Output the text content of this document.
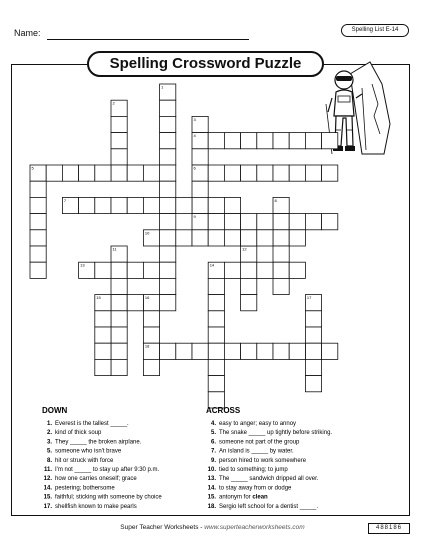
Name:	Spelling List E-14
Spelling Crossword Puzzle
1
2
3
4
5	6
7	8
9
10
11	12
13	14
15	16	17
18
DOWN	ACROSS
1. Everest is the tallest _____.
2. kind of thick soup
3. They _____ the broken airplane.
5. someone who isn't brave
8. hit or struck with force
11. I'm not _____ to stay up after 9:30 p.m.
12. how one carries oneself; grace
14. pestering; bothersome
15. faithful; sticking with someone by choice
17. shellfish known to make pearls
4. easy to anger; easy to annoy
5. The snake _____ up tightly before striking.
6. someone not part of the group
7. An island is _____ by water.
9. person hired to work somewhere
10. tied to something; to jump
13. The _____ sandwich dripped all over.
14. to stay away from or dodge
15. antonym for clean
18. Sergio left school for a dentist _____.
Super Teacher Worksheets - www.superteacherworksheets.com	488186
